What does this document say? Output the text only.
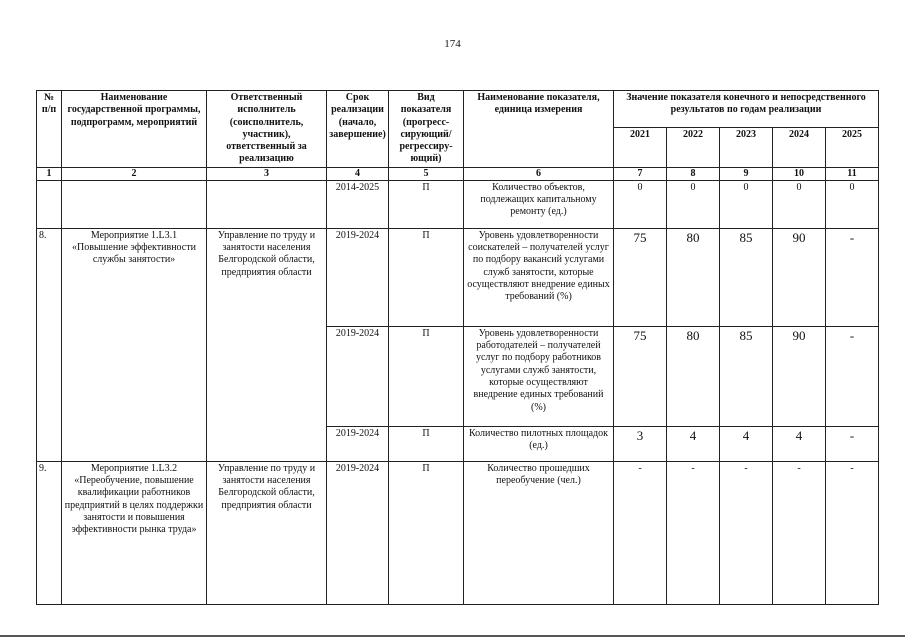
174
№ п/п	Наименование государственной программы, подпрограмм, мероприятий	Ответственный исполнитель (соисполнитель, участник), ответственный за реализацию	Срок реализации (начало, завершение)	Вид показателя (прогресс-сирующий/ регрессиру-ющий)	Наименование показателя, единица измерения	Значение показателя конечного и непосредственного результатов по годам реализации				
						2021	2022	2023	2024	2025
1	2	3	4	5	6	7	8	9	10	11
			2014-2025	П	Количество объектов, подлежащих капитальному ремонту (ед.)	0	0	0	0	0
8.	Мероприятие 1.L3.1 «Повышение эффективности службы занятости»	Управление по труду и занятости населения Белгородской области, предприятия области	2019-2024	П	Уровень удовлетворенности соискателей – получателей услуг по подбору вакансий услугами служб занятости, которые осуществляют внедрение единых требований (%)	75	80	85	90	-
			2019-2024	П	Уровень удовлетворенности работодателей – получателей услуг по подбору работников услугами служб занятости, которые осуществляют внедрение единых требований (%)	75	80	85	90	-
			2019-2024	П	Количество пилотных площадок (ед.)	3	4	4	4	-
9.	Мероприятие 1.L3.2 «Переобучение, повышение квалификации работников предприятий в целях поддержки занятости и повышения эффективности рынка труда»	Управление по труду и занятости населения Белгородской области, предприятия области	2019-2024	П	Количество прошедших переобучение (чел.)	-	-	-	-	-
